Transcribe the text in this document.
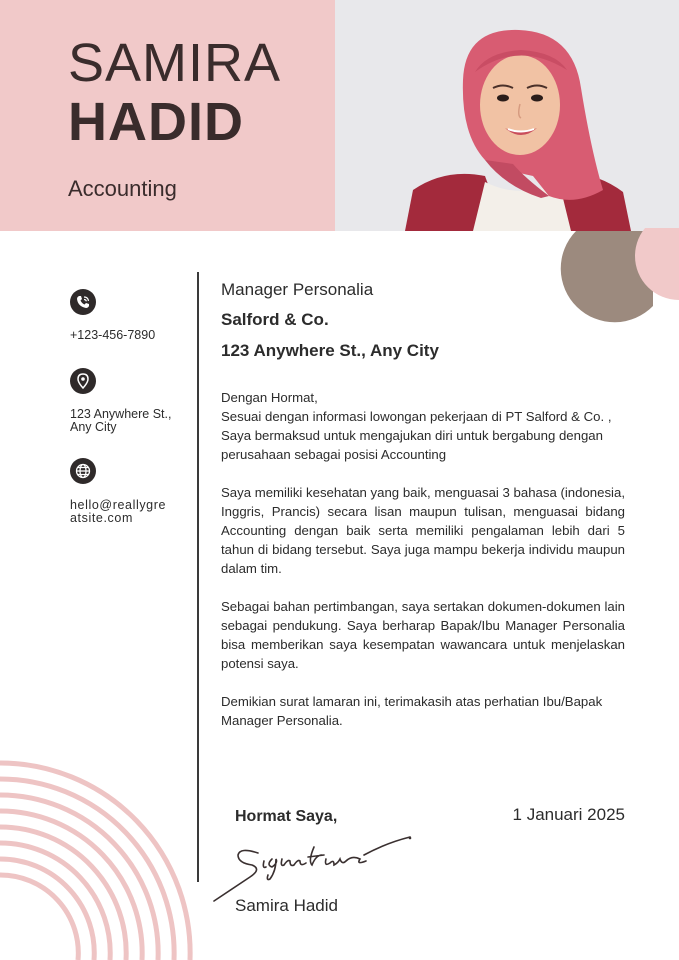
SAMIRA
HADID
Accounting
+123-456-7890
123 Anywhere St., Any City
hello@reallygreatsite.com
Manager Personalia
Salford & Co.
123 Anywhere St., Any City

Dengan Hormat,

Sesuai dengan informasi lowongan pekerjaan di PT Salford & Co. , Saya bermaksud untuk mengajukan diri untuk bergabung dengan perusahaan sebagai posisi Accounting

Saya memiliki kesehatan yang baik, menguasai 3 bahasa (indonesia, Inggris, Prancis) secara lisan maupun tulisan, menguasai bidang Accounting dengan baik serta memiliki pengalaman lebih dari 5 tahun di bidang tersebut. Saya juga mampu bekerja individu maupun dalam tim.

Sebagai bahan pertimbangan, saya sertakan dokumen-dokumen lain sebagai pendukung. Saya berharap Bapak/Ibu Manager Personalia bisa memberikan saya kesempatan wawancara untuk menjelaskan potensi saya.

Demikian surat lamaran ini, terimakasih atas perhatian Ibu/Bapak Manager Personalia.

Hormat Saya,	1 Januari 2025
Samira Hadid
